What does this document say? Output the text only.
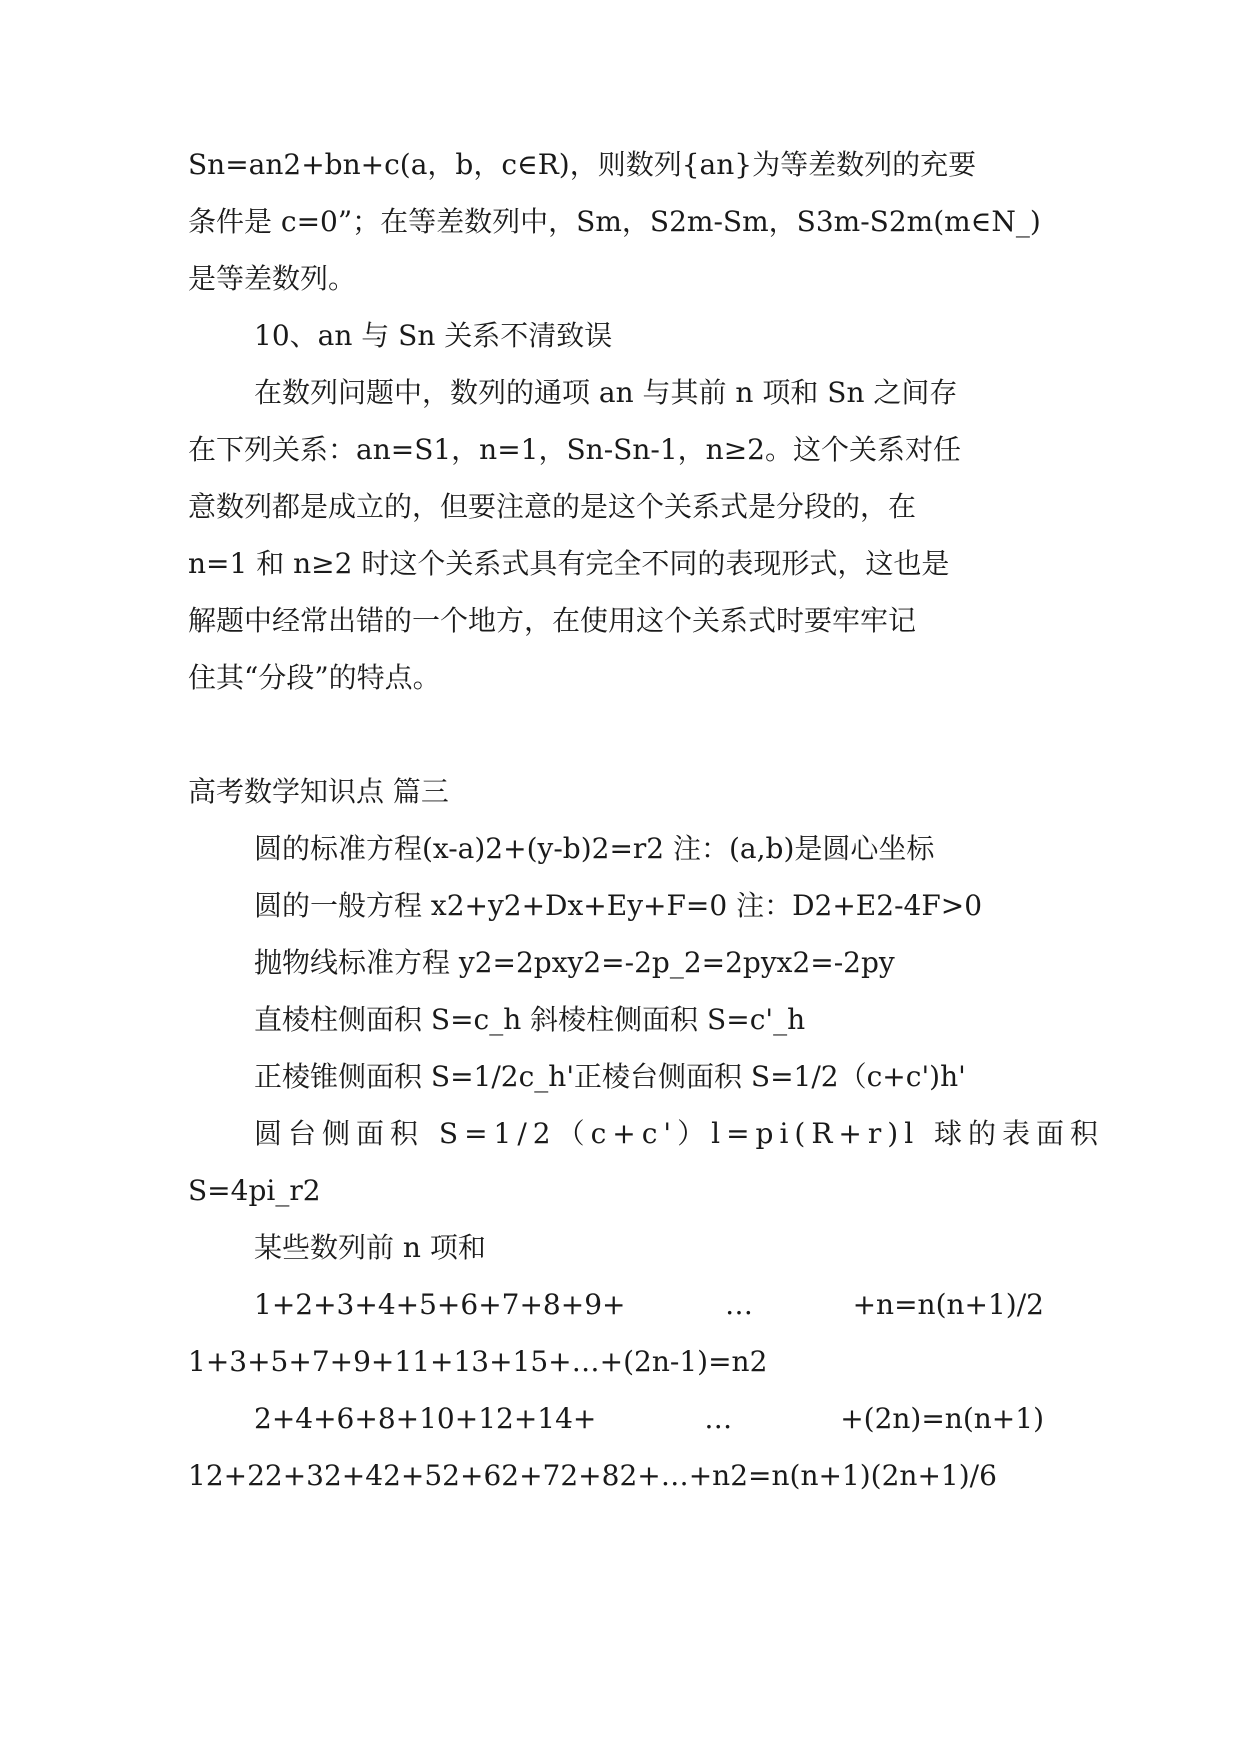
Sn=an2+bn+c(a，b，c∈R)，则数列{an}为等差数列的充要
条件是 c=0”；在等差数列中，Sm，S2m-Sm，S3m-S2m(m∈N_)
是等差数列。
10、an 与 Sn 关系不清致误
在数列问题中，数列的通项 an 与其前 n 项和 Sn 之间存
在下列关系：an=S1，n=1，Sn-Sn-1，n≥2。这个关系对任
意数列都是成立的，但要注意的是这个关系式是分段的，在
n=1 和 n≥2 时这个关系式具有完全不同的表现形式，这也是
解题中经常出错的一个地方，在使用这个关系式时要牢牢记
住其“分段”的特点。
高考数学知识点 篇三
圆的标准方程(x-a)2+(y-b)2=r2 注：(a,b)是圆心坐标
圆的一般方程 x2+y2+Dx+Ey+F=0 注：D2+E2-4F>0
抛物线标准方程 y2=2pxy2=-2p_2=2pyx2=-2py
直棱柱侧面积 S=c_h 斜棱柱侧面积 S=c'_h
正棱锥侧面积 S=1/2c_h'正棱台侧面积 S=1/2（c+c')h'
圆台侧面积 S=1/2（c+c'）l=pi(R+r)l 球的表面积
S=4pi_r2
某些数列前 n 项和
1+2+3+4+5+6+7+8+9+	…	+n=n(n+1)/2
1+3+5+7+9+11+13+15+…+(2n-1)=n2
2+4+6+8+10+12+14+	…	+(2n)=n(n+1)
12+22+32+42+52+62+72+82+…+n2=n(n+1)(2n+1)/6
